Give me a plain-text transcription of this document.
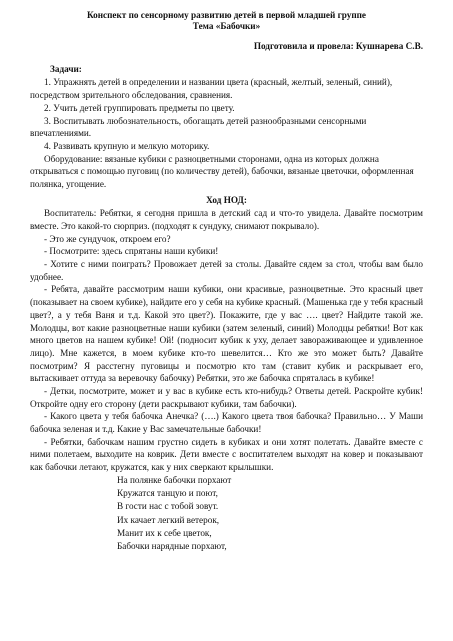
Конспект по сенсорному развитию детей в первой младшей группе

Тема «Бабочки»

Подготовила и провела: Кушнарева С.В.

Задачи:

1. Упражнять детей в определении и названии цвета (красный, желтый, зеленый, синий), посредством зрительного обследования, сравнения.

2. Учить детей группировать предметы по цвету.

3. Воспитывать любознательность, обогащать детей разнообразными сенсорными впечатлениями.

4. Развивать крупную и мелкую моторику.

Оборудование: вязаные кубики с разноцветными сторонами, одна из которых должна открываться с помощью пуговиц (по количеству детей), бабочки, вязаные цветочки, оформленная полянка, угощение.

Ход НОД:

Воспитатель: Ребятки, я сегодня пришла в детский сад и что-то увидела. Давайте посмотрим вместе. Это какой-то сюрприз. (подходят к сундуку, снимают покрывало).

- Это же сундучок, откроем его?

- Посмотрите: здесь спрятаны наши кубики!

- Хотите с ними поиграть? Провожает детей за столы. Давайте сядем за стол, чтобы вам было удобнее.

- Ребята, давайте рассмотрим наши кубики, они красивые, разноцветные. Это красный цвет (показывает на своем кубике), найдите его у себя на кубике красный. (Машенька где у тебя красный цвет?, а у тебя Ваня и т.д. Какой это цвет?). Покажите, где у вас …. цвет? Найдите такой же. Молодцы, вот какие разноцветные наши кубики (затем зеленый, синий) Молодцы ребятки! Вот как много цветов на нашем кубике! Ой! (подносит кубик к уху, делает завораживающее и удивленное лицо). Мне кажется, в моем кубике кто-то шевелится… Кто же это может быть? Давайте посмотрим? Я расстегну пуговицы и посмотрю кто там (ставит кубик и раскрывает его, вытаскивает оттуда за веревочку бабочку) Ребятки, это же бабочка спряталась в кубике!

- Детки, посмотрите, может и у вас в кубике есть кто-нибудь? Ответы детей. Раскройте кубик! Откройте одну его сторону (дети раскрывают кубики, там бабочки).

- Какого цвета у тебя бабочка Анечка? (….) Какого цвета твоя бабочка? Правильно… У Маши бабочка зеленая и т.д. Какие у Вас замечательные бабочки!

- Ребятки, бабочкам нашим грустно сидеть в кубиках и они хотят полетать. Давайте вместе с ними полетаем, выходите на коврик. Дети вместе с воспитателем выходят на ковер и показывают как бабочки летают, кружатся, как у них сверкают крылышки.

На полянке бабочки порхают
Кружатся танцую и поют,
В гости нас с тобой зовут.
Их качает легкий ветерок,
Манит их к себе цветок,
Бабочки нарядные порхают,
